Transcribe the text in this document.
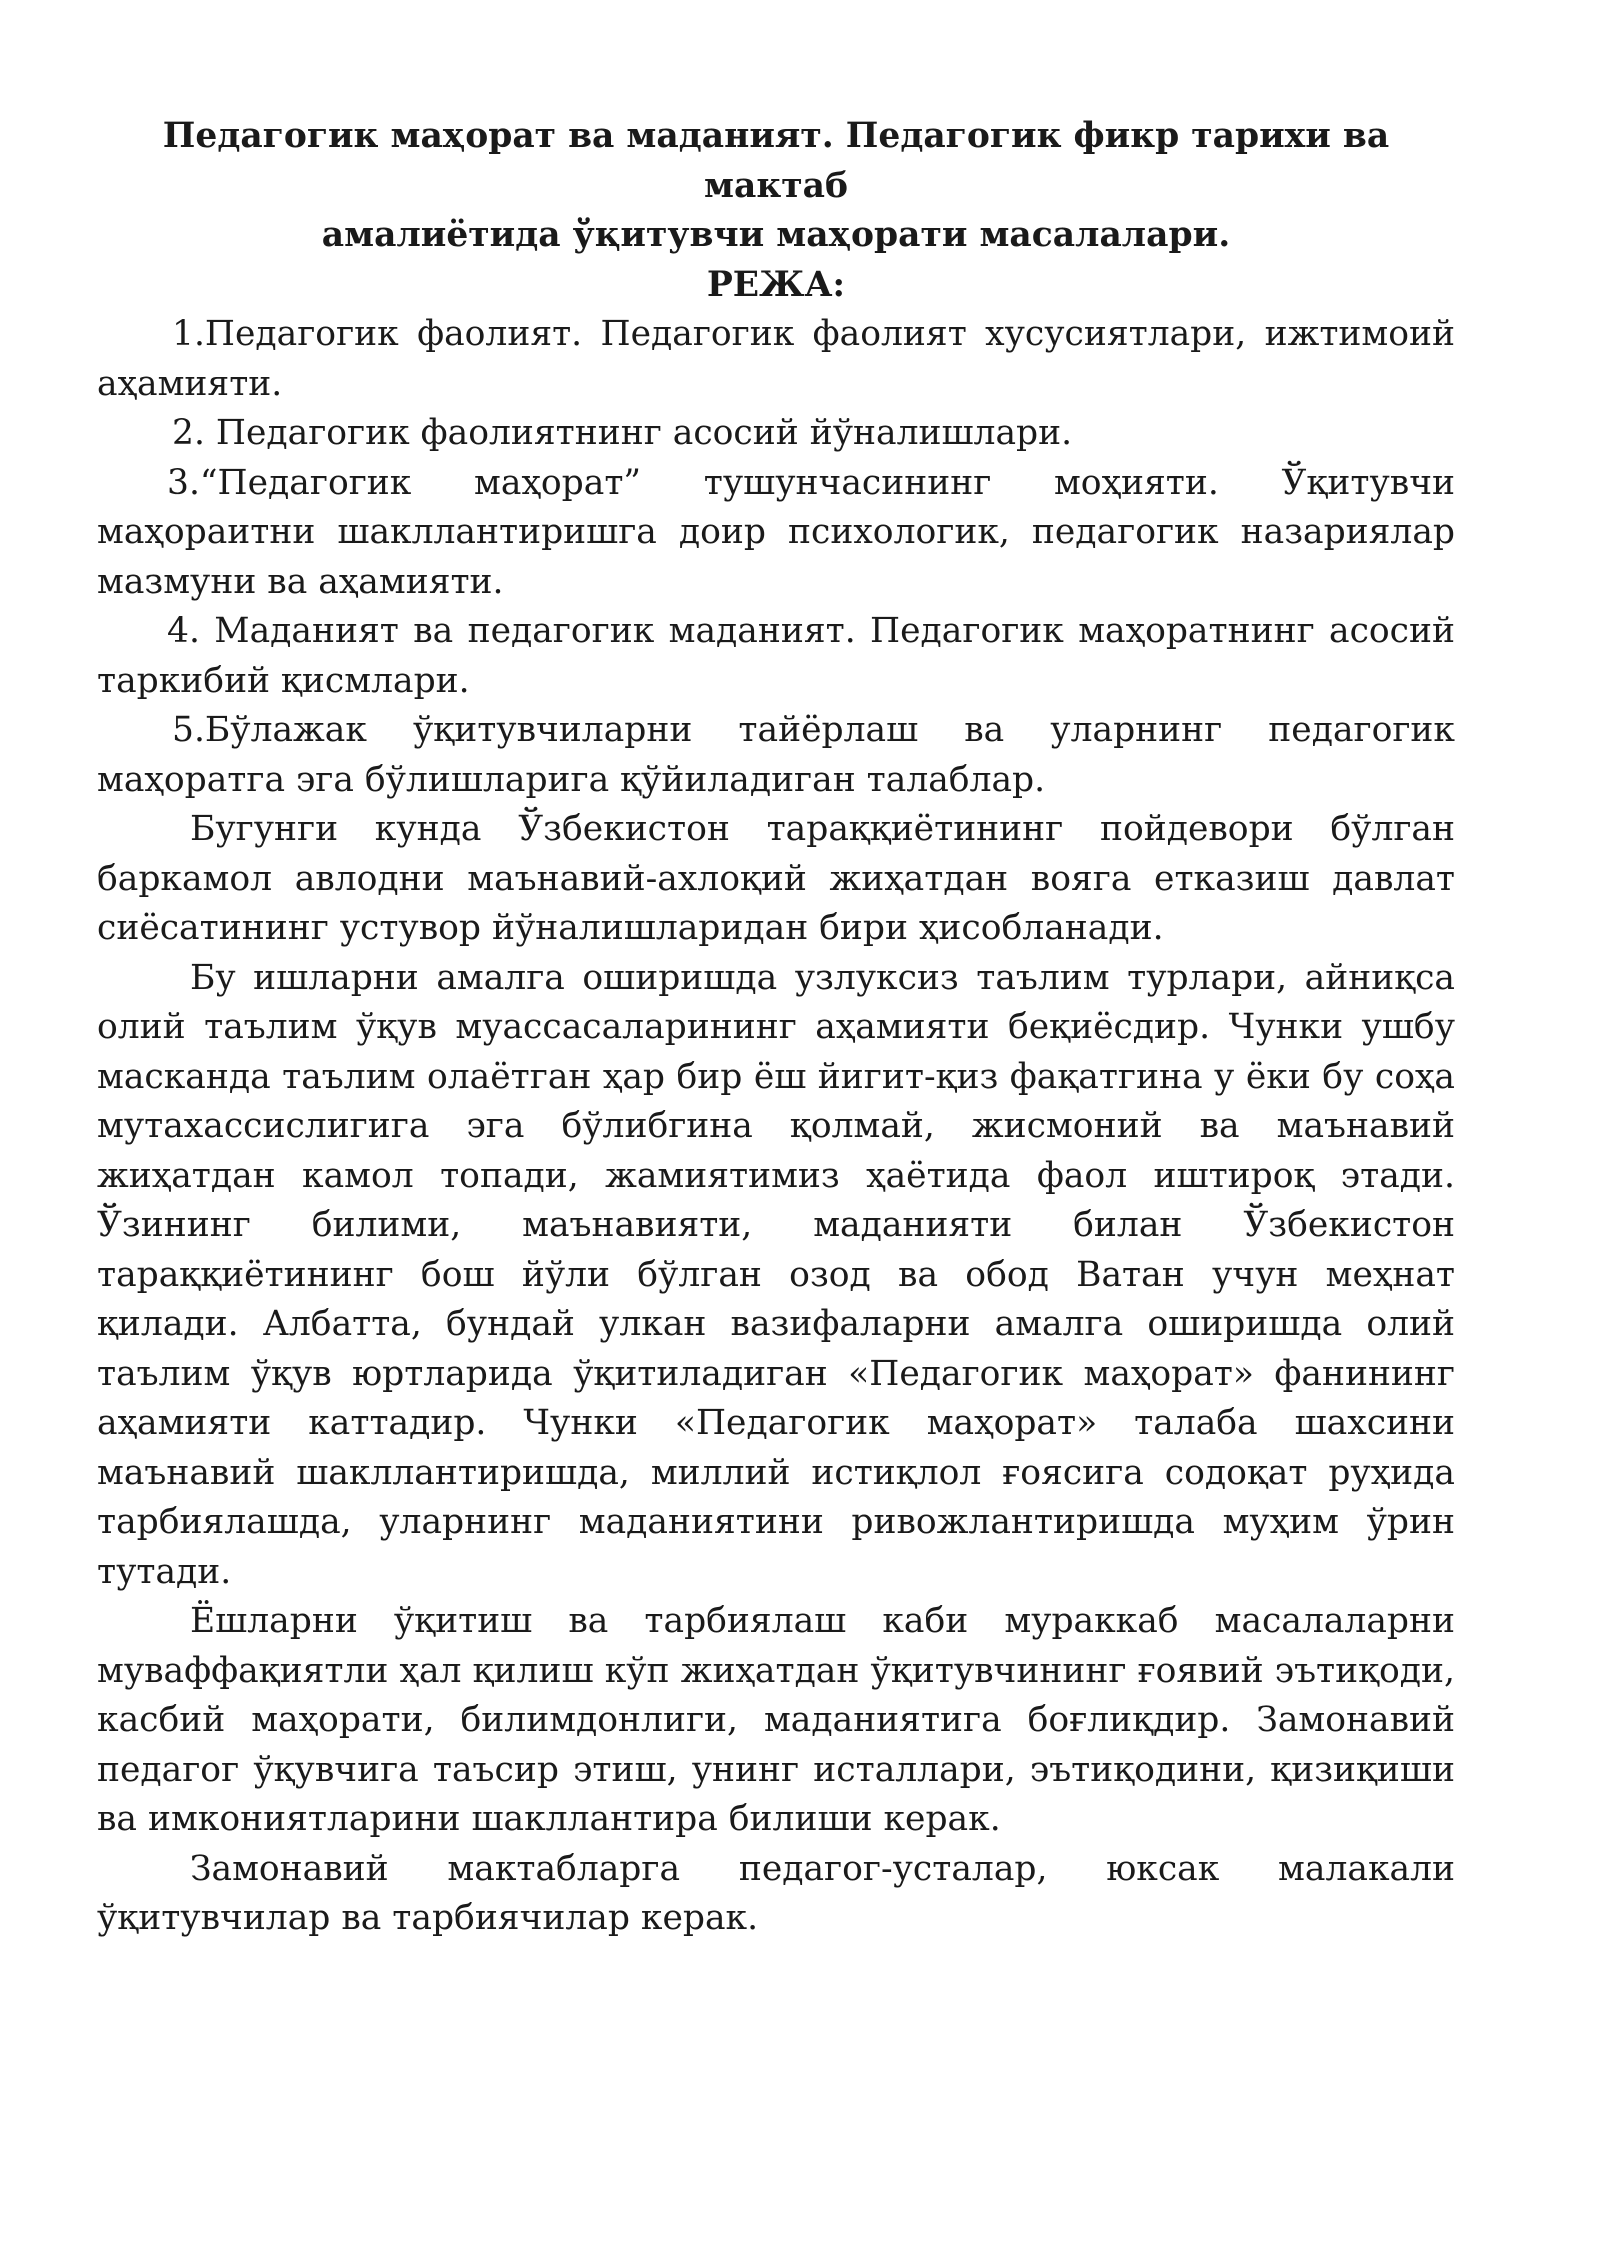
Педагогик маҳорат ва маданият. Педагогик фикр тарихи ва мактаб
амалиётида ўқитувчи маҳорати масалалари.

РЕЖА:

1.Педагогик фаолият. Педагогик фаолият хусусиятлари, ижтимоий аҳамияти.

2. Педагогик фаолиятнинг асосий йўналишлари.

3.“Педагогик маҳорат” тушунчасининг моҳияти. Ўқитувчи маҳораитни шакллантиришга доир психологик, педагогик назариялар мазмуни ва аҳамияти.

4. Маданият ва педагогик маданият. Педагогик маҳоратнинг асосий таркибий қисмлари.

5.Бўлажак ўқитувчиларни тайёрлаш ва уларнинг педагогик маҳоратга эга бўлишларига қўйиладиган талаблар.

Бугунги кунда Ўзбекистон тараққиётининг пойдевори бўлган баркамол авлодни маънавий-ахлоқий жиҳатдан вояга етказиш давлат сиёсатининг устувор йўналишларидан бири ҳисобланади.

Бу ишларни амалга оширишда узлуксиз таълим турлари, айниқса олий таълим ўқув муассасаларининг аҳамияти беқиёсдир. Чунки ушбу масканда таълим олаётган ҳар бир ёш йигит-қиз фақатгина у ёки бу соҳа мутахассислигига эга бўлибгина қолмай, жисмоний ва маънавий жиҳатдан камол топади, жамиятимиз ҳаётида фаол иштироқ этади. Ўзининг билими, маънавияти, маданияти билан Ўзбекистон тараққиётининг бош йўли бўлган озод ва обод Ватан учун меҳнат қилади. Албатта, бундай улкан вазифаларни амалга оширишда олий таълим ўқув юртларида ўқитиладиган «Педагогик маҳорат» фанининг аҳамияти каттадир. Чунки «Педагогик маҳорат» талаба шахсини маънавий шакллантиришда, миллий истиқлол ғоясига содоқат руҳида тарбиялашда, уларнинг маданиятини ривожлантиришда муҳим ўрин тутади.

Ёшларни ўқитиш ва тарбиялаш каби мураккаб масалаларни муваффақиятли ҳал қилиш кўп жиҳатдан ўқитувчининг ғоявий эътиқоди, касбий маҳорати, билимдонлиги, маданиятига боғлиқдир. Замонавий педагог ўқувчига таъсир этиш, унинг исталлари, эътиқодини, қизиқиши ва имкониятларини шакллантира билиши керак.

Замонавий мактабларга педагог-усталар, юксак малакали ўқитувчилар ва тарбиячилар керак.
